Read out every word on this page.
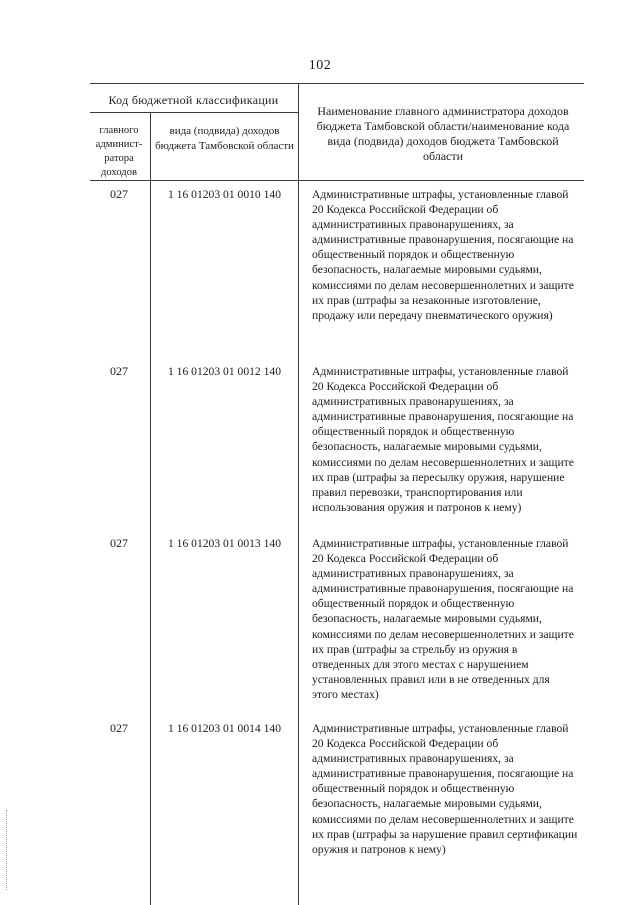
102
Код бюджетной классификации
главного админист-ратора доходов
вида (подвида) доходов бюджета Тамбовской области
Наименование главного администратора доходов бюджета Тамбовской области/наименование кода вида (подвида) доходов бюджета Тамбовской области
027	1 16 01203 01 0010 140	Административные штрафы, установленные главой 20 Кодекса Российской Федерации об административных правонарушениях, за административные правонарушения, посягающие на общественный порядок и общественную безопасность, налагаемые мировыми судьями, комиссиями по делам несовершеннолетних и защите их прав (штрафы за незаконные изготовление, продажу или передачу пневматического оружия)
027	1 16 01203 01 0012 140	Административные штрафы, установленные главой 20 Кодекса Российской Федерации об административных правонарушениях, за административные правонарушения, посягающие на общественный порядок и общественную безопасность, налагаемые мировыми судьями, комиссиями по делам несовершеннолетних и защите их прав (штрафы за пересылку оружия, нарушение правил перевозки, транспортирования или использования оружия и патронов к нему)
027	1 16 01203 01 0013 140	Административные штрафы, установленные главой 20 Кодекса Российской Федерации об административных правонарушениях, за административные правонарушения, посягающие на общественный порядок и общественную безопасность, налагаемые мировыми судьями, комиссиями по делам несовершеннолетних и защите их прав (штрафы за стрельбу из оружия в отведенных для этого местах с нарушением установленных правил или в не отведенных для этого местах)
027	1 16 01203 01 0014 140	Административные штрафы, установленные главой 20 Кодекса Российской Федерации об административных правонарушениях, за административные правонарушения, посягающие на общественный порядок и общественную безопасность, налагаемые мировыми судьями, комиссиями по делам несовершеннолетних и защите их прав (штрафы за нарушение правил сертификации оружия и патронов к нему)
